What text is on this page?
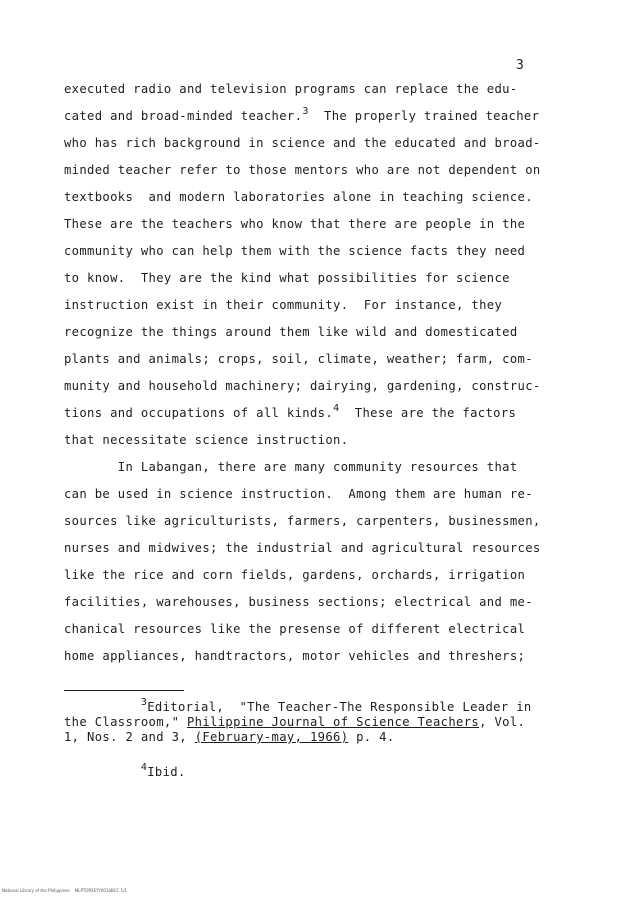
3
executed radio and television programs can replace the edu-
cated and broad-minded teacher.$^3$  The properly trained teacher
who has rich background in science and the educated and broad-
minded teacher refer to those mentors who are not dependent on
textbooks  and modern laboratories alone in teaching science.
These are the teachers who know that there are people in the
community who can help them with the science facts they need
to know.  They are the kind what possibilities for science
instruction exist in their community.  For instance, they
recognize the things around them like wild and domesticated
plants and animals; crops, soil, climate, weather; farm, com-
munity and household machinery; dairying, gardening, construc-
tions and occupations of all kinds.$^4$  These are the factors
that necessitate science instruction.
In Labangan, there are many community resources that
can be used in science instruction.  Among them are human re-
sources like agriculturists, farmers, carpenters, businessmen,
nurses and midwives; the industrial and agricultural resources
like the rice and corn fields, gardens, orchards, irrigation
facilities, warehouses, business sections; electrical and me-
chanical resources like the presense of different electrical
home appliances, handtractors, motor vehicles and threshers;
$^3$Editorial,  "The Teacher-The Responsible Leader in
the Classroom," Philippine Journal of Science Teachers, Vol.
1, Nos. 2 and 3, (February-may, 1966) p. 4.
$^4$Ibid.
National Library of the Philippines    MLPTOP2EYY0010BCC 1/1
